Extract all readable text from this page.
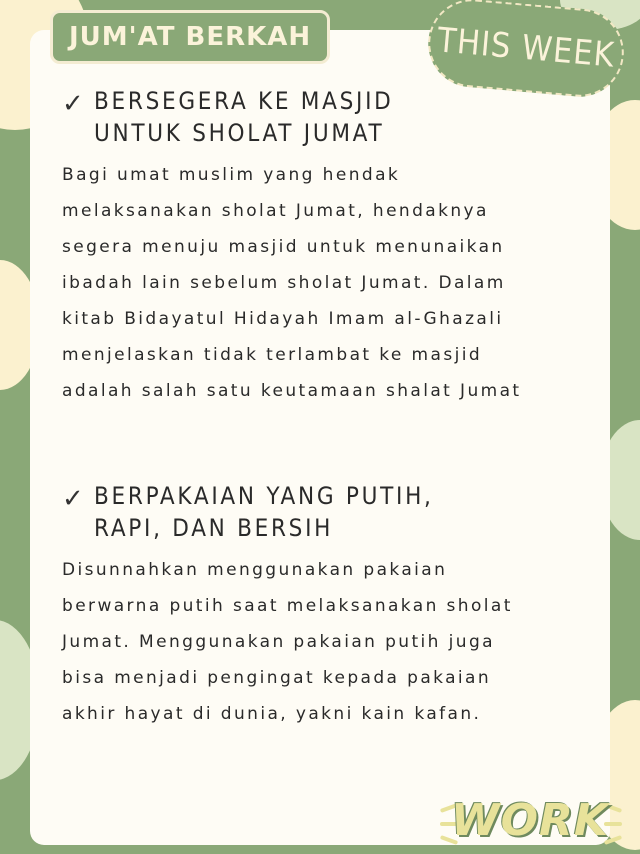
JUM'AT BERKAH	THIS WEEK
✓ BERSEGERA KE MASJID
UNTUK SHOLAT JUMAT
Bagi umat muslim yang hendak
melaksanakan sholat Jumat, hendaknya
segera menuju masjid untuk menunaikan
ibadah lain sebelum sholat Jumat. Dalam
kitab Bidayatul Hidayah Imam al-Ghazali
menjelaskan tidak terlambat ke masjid
adalah salah satu keutamaan shalat Jumat
✓ BERPAKAIAN YANG PUTIH,
RAPI, DAN BERSIH
Disunnahkan menggunakan pakaian
berwarna putih saat melaksanakan sholat
Jumat. Menggunakan pakaian putih juga
bisa menjadi pengingat kepada pakaian
akhir hayat di dunia, yakni kain kafan.
WORK
